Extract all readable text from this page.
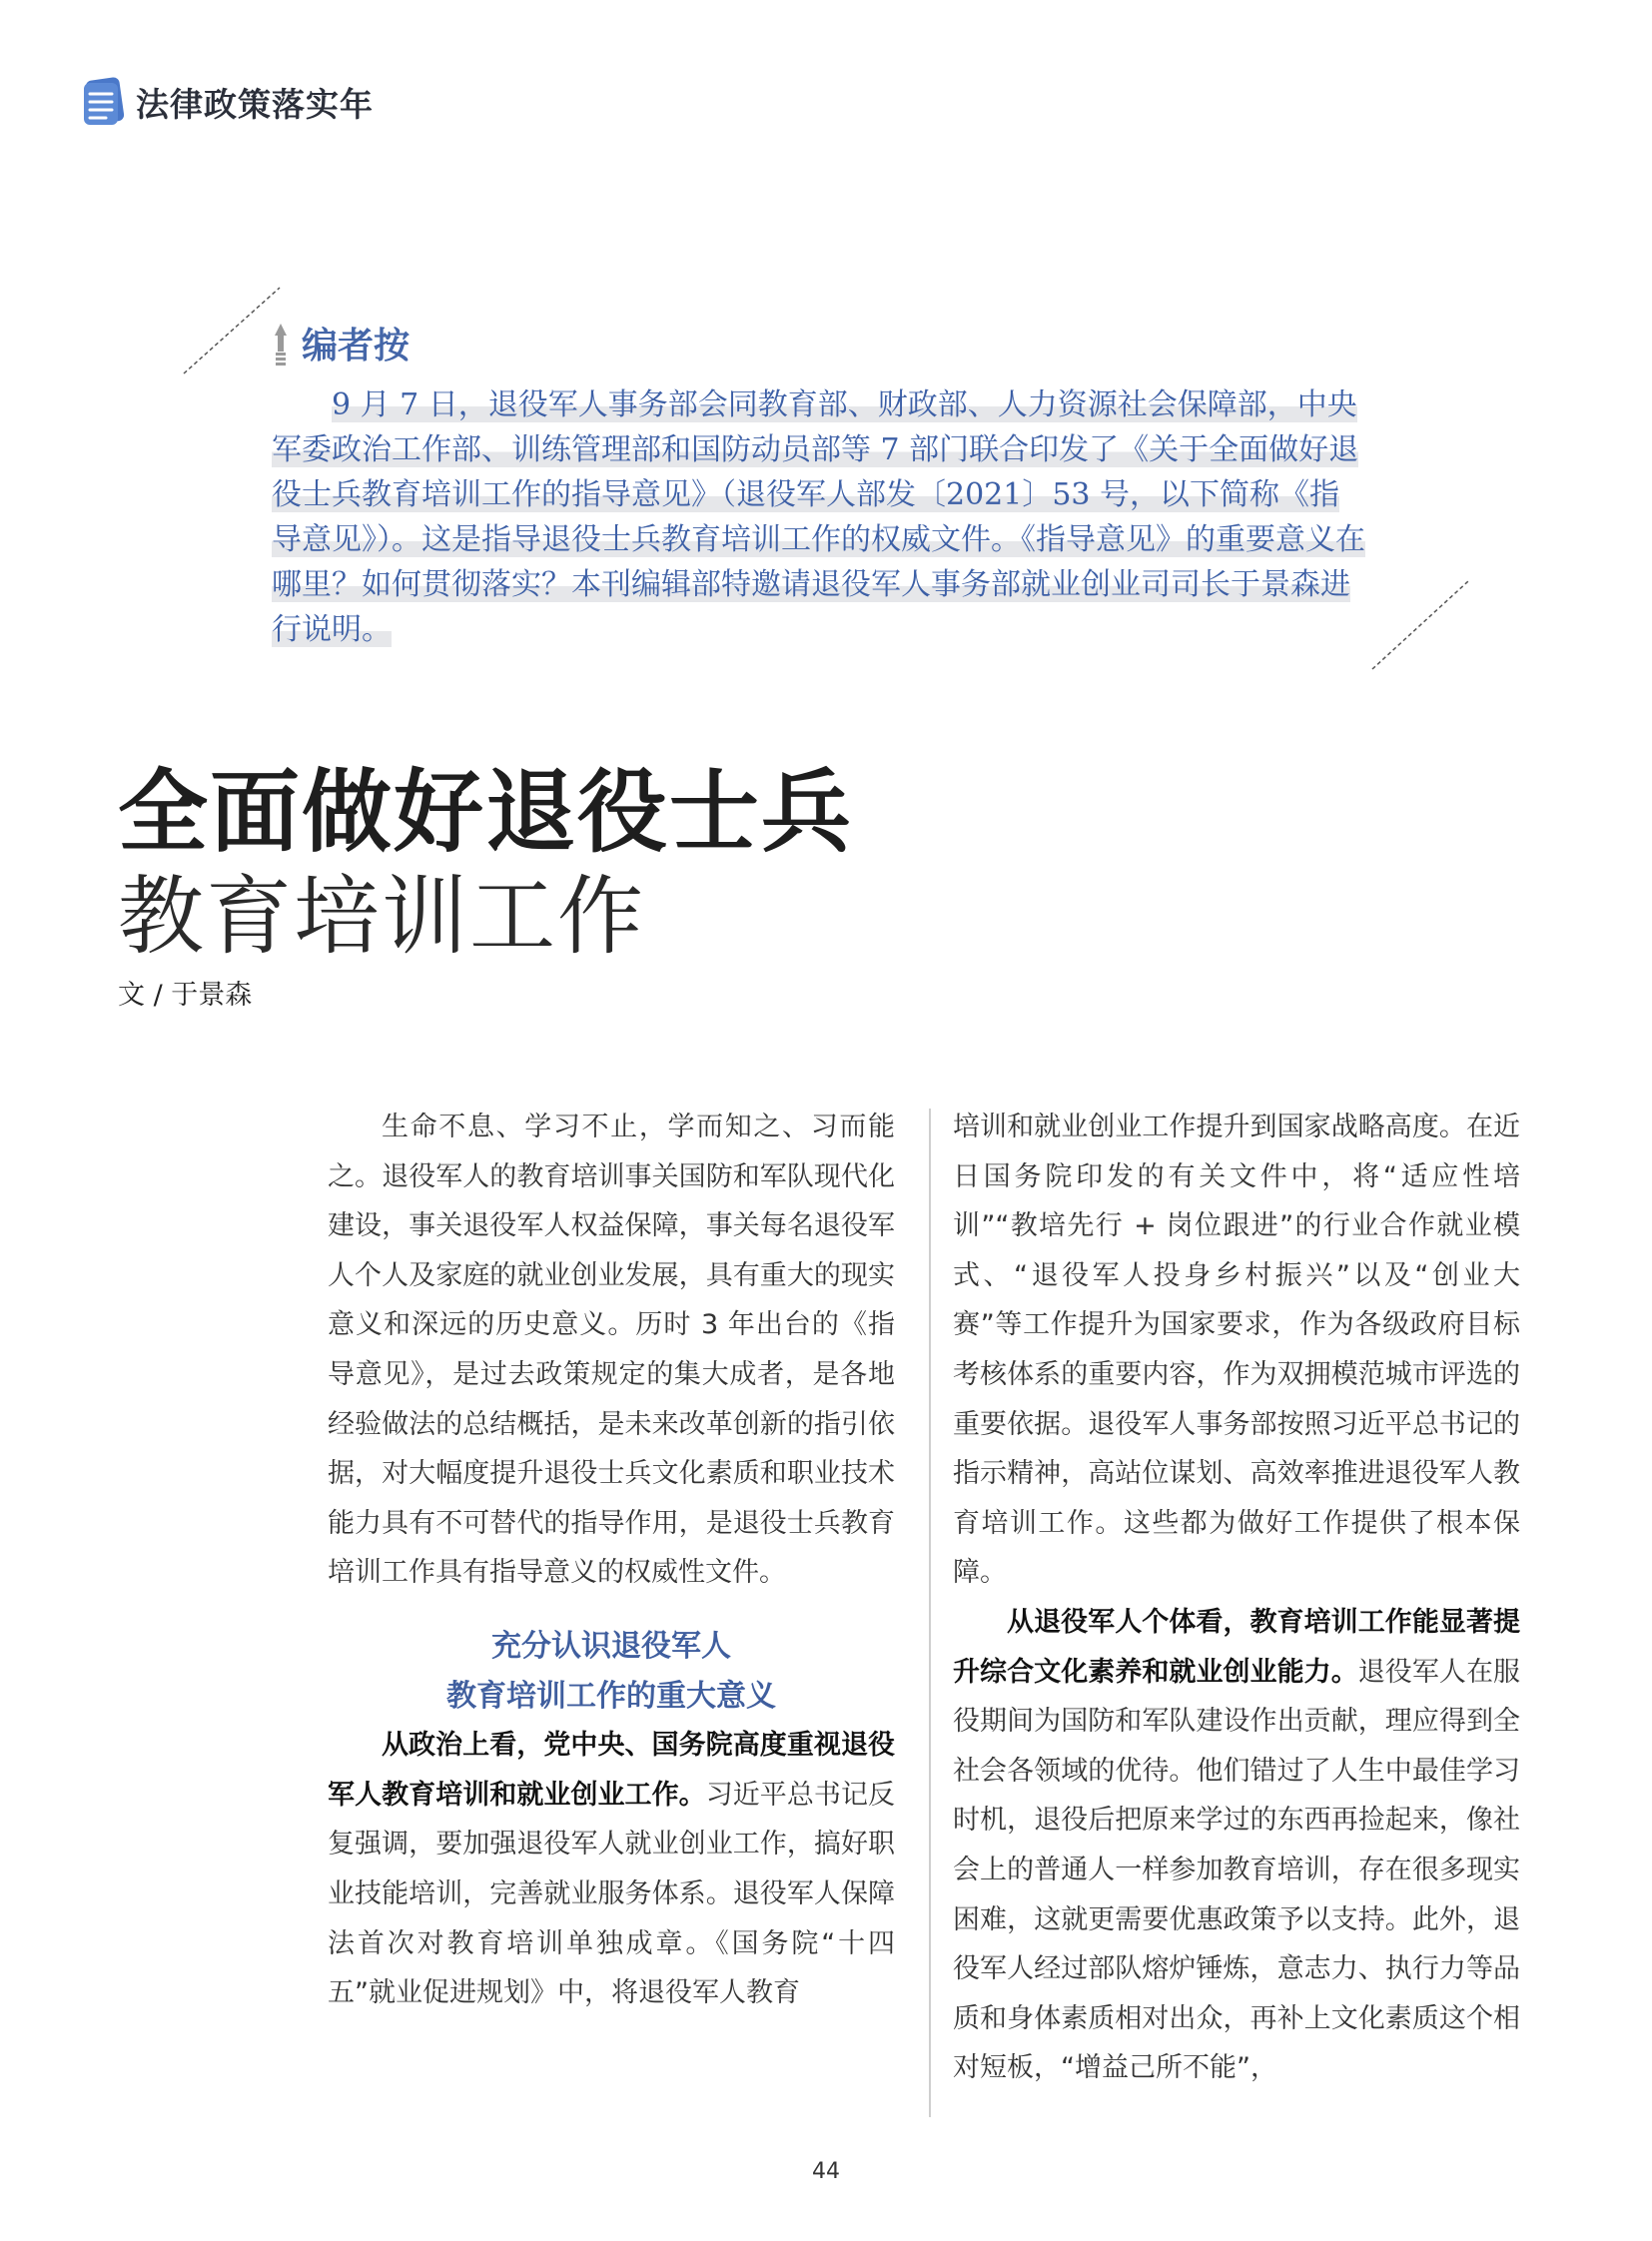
法律政策落实年
编者按
9 月 7 日，退役军人事务部会同教育部、财政部、人力资源社会保障部，中央军委政治工作部、训练管理部和国防动员部等 7 部门联合印发了《关于全面做好退役士兵教育培训工作的指导意见》（退役军人部发〔2021〕53 号，以下简称《指导意见》）。这是指导退役士兵教育培训工作的权威文件。《指导意见》的重要意义在哪里？如何贯彻落实？本刊编辑部特邀请退役军人事务部就业创业司司长于景森进行说明。
全面做好退役士兵
教育培训工作
文 / 于景森

生命不息、学习不止，学而知之、习而能之。退役军人的教育培训事关国防和军队现代化建设，事关退役军人权益保障，事关每名退役军人个人及家庭的就业创业发展，具有重大的现实意义和深远的历史意义。历时 3 年出台的《指导意见》，是过去政策规定的集大成者，是各地经验做法的总结概括，是未来改革创新的指引依据，对大幅度提升退役士兵文化素质和职业技术能力具有不可替代的指导作用，是退役士兵教育培训工作具有指导意义的权威性文件。

充分认识退役军人
教育培训工作的重大意义

从政治上看，党中央、国务院高度重视退役军人教育培训和就业创业工作。习近平总书记反复强调，要加强退役军人就业创业工作，搞好职业技能培训，完善就业服务体系。退役军人保障法首次对教育培训单独成章。《国务院“十四五”就业促进规划》中，将退役军人教育

培训和就业创业工作提升到国家战略高度。在近日国务院印发的有关文件中，将“适应性培训”“教培先行 + 岗位跟进”的行业合作就业模式、“退役军人投身乡村振兴”以及“创业大赛”等工作提升为国家要求，作为各级政府目标考核体系的重要内容，作为双拥模范城市评选的重要依据。退役军人事务部按照习近平总书记的指示精神，高站位谋划、高效率推进退役军人教育培训工作。这些都为做好工作提供了根本保障。

从退役军人个体看，教育培训工作能显著提升综合文化素养和就业创业能力。退役军人在服役期间为国防和军队建设作出贡献，理应得到全社会各领域的优待。他们错过了人生中最佳学习时机，退役后把原来学过的东西再捡起来，像社会上的普通人一样参加教育培训，存在很多现实困难，这就更需要优惠政策予以支持。此外，退役军人经过部队熔炉锤炼，意志力、执行力等品质和身体素质相对出众，再补上文化素质这个相对短板，“增益己所不能”，

44
